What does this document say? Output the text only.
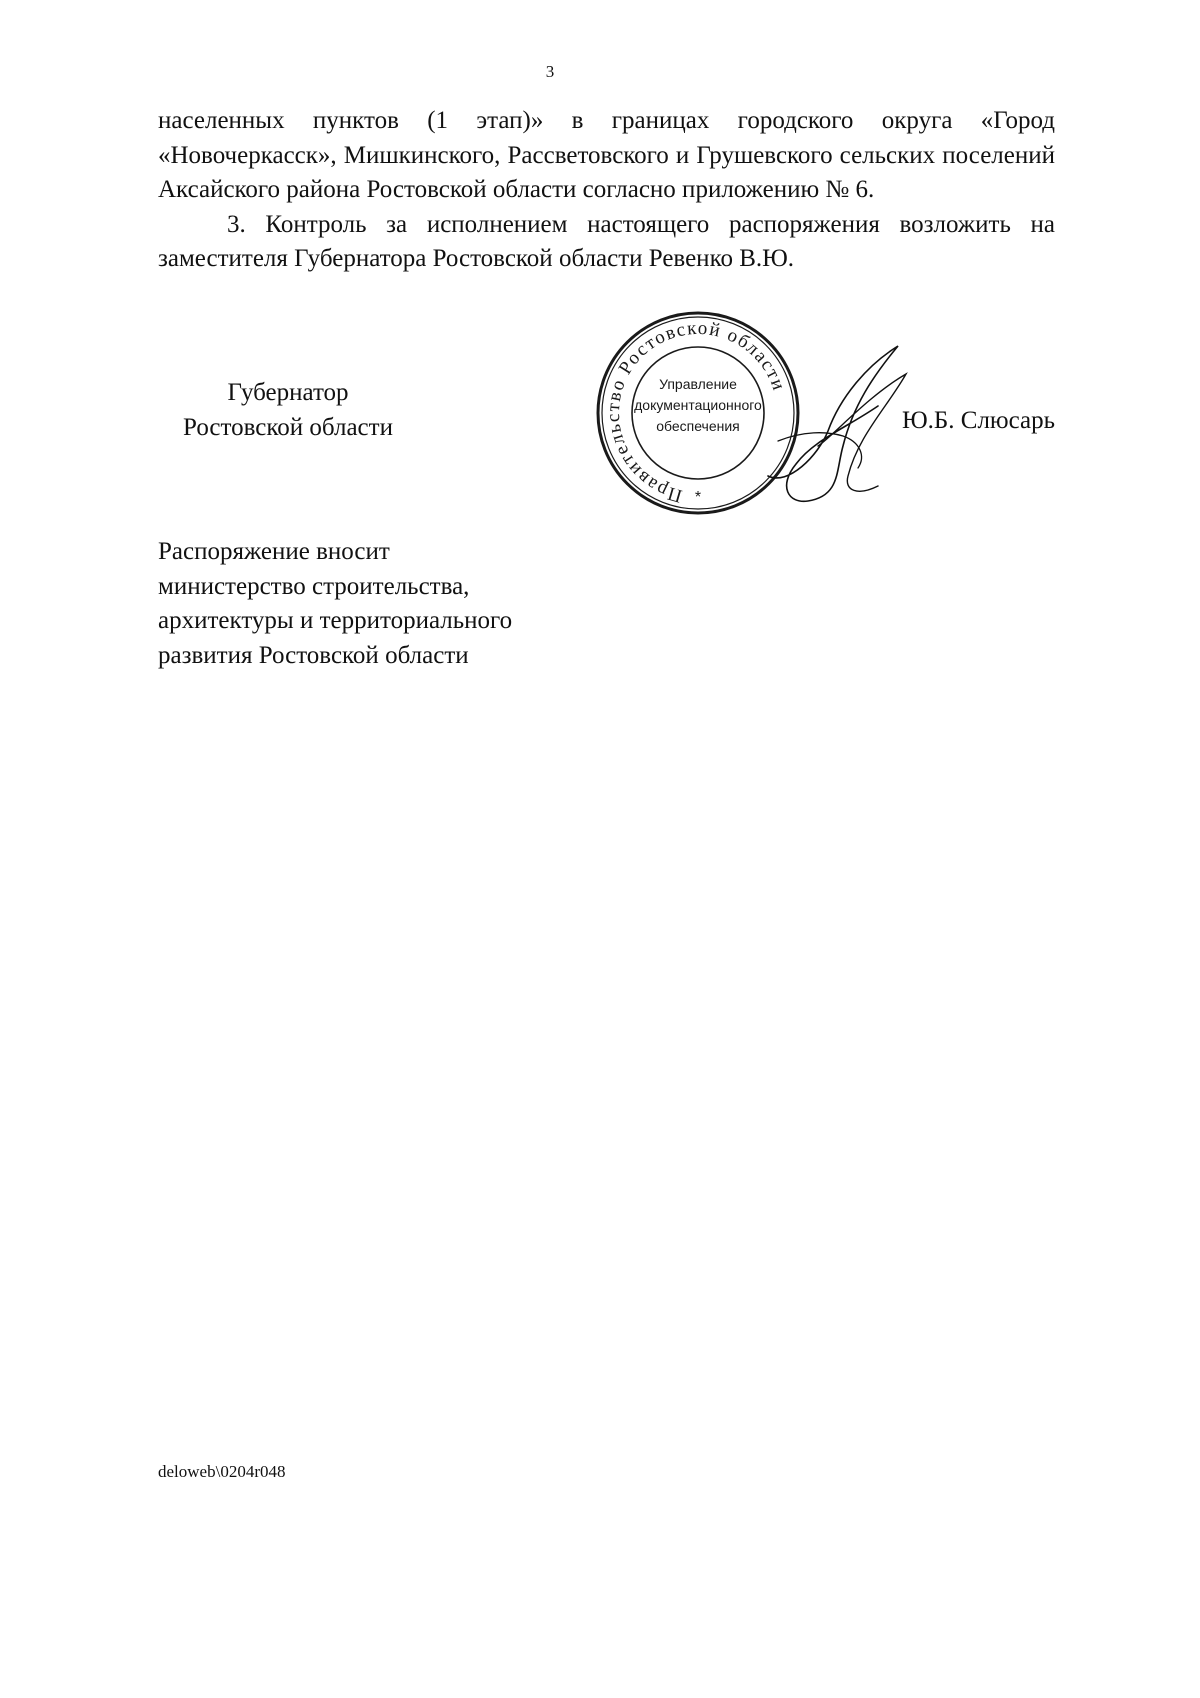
3

населенных пунктов (1 этап)» в границах городского округа «Город «Новочеркасск», Мишкинского, Рассветовского и Грушевского сельских поселений Аксайского района Ростовской области согласно приложению № 6.

3. Контроль за исполнением настоящего распоряжения возложить на заместителя Губернатора Ростовской области Ревенко В.Ю.

Губернатор
Ростовской области
Правительство Ростовской области
Управление
документационного
обеспечения
*
Ю.Б. Слюсарь
Распоряжение вносит
министерство строительства,
архитектуры и территориального
развития Ростовской области
deloweb\0204r048
